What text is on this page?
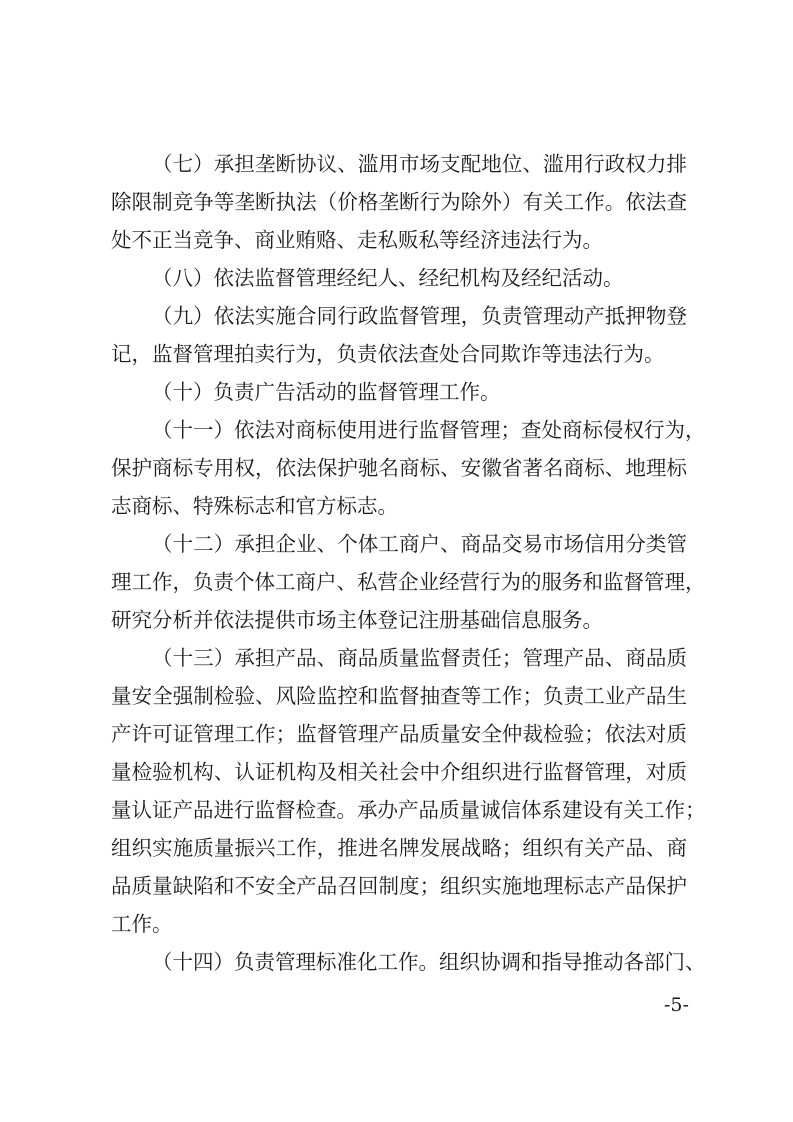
（七）承担垄断协议、滥用市场支配地位、滥用行政权力排
除限制竞争等垄断执法（价格垄断行为除外）有关工作。依法查
处不正当竞争、商业贿赂、走私贩私等经济违法行为。
（八）依法监督管理经纪人、经纪机构及经纪活动。
（九）依法实施合同行政监督管理，负责管理动产抵押物登
记，监督管理拍卖行为，负责依法查处合同欺诈等违法行为。
（十）负责广告活动的监督管理工作。
（十一）依法对商标使用进行监督管理；查处商标侵权行为，
保护商标专用权，依法保护驰名商标、安徽省著名商标、地理标
志商标、特殊标志和官方标志。
（十二）承担企业、个体工商户、商品交易市场信用分类管
理工作，负责个体工商户、私营企业经营行为的服务和监督管理，
研究分析并依法提供市场主体登记注册基础信息服务。
（十三）承担产品、商品质量监督责任；管理产品、商品质
量安全强制检验、风险监控和监督抽查等工作；负责工业产品生
产许可证管理工作；监督管理产品质量安全仲裁检验；依法对质
量检验机构、认证机构及相关社会中介组织进行监督管理，对质
量认证产品进行监督检查。承办产品质量诚信体系建设有关工作；
组织实施质量振兴工作，推进名牌发展战略；组织有关产品、商
品质量缺陷和不安全产品召回制度；组织实施地理标志产品保护
工作。
（十四）负责管理标准化工作。组织协调和指导推动各部门、
-5-
